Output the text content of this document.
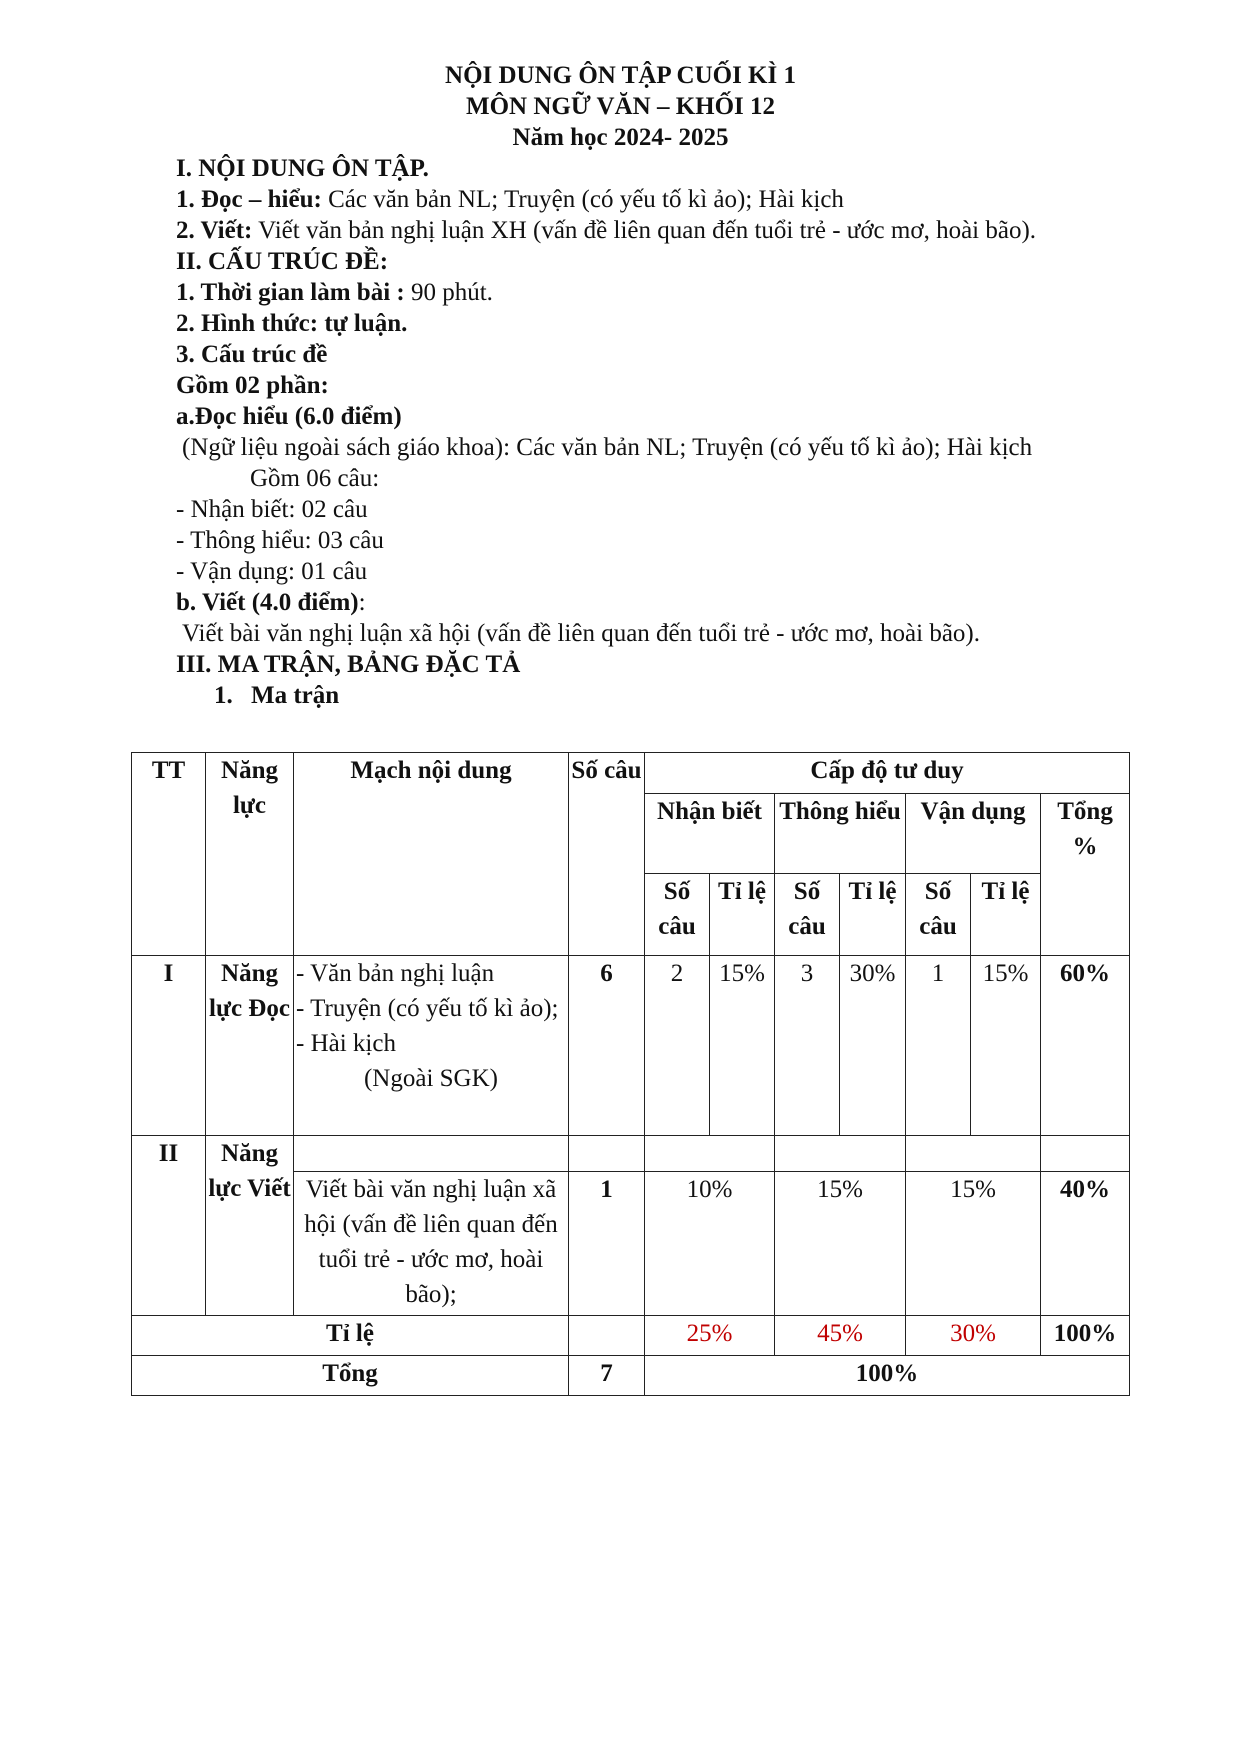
NỘI DUNG ÔN TẬP CUỐI KÌ 1
MÔN NGỮ VĂN – KHỐI 12
Năm học 2024- 2025

I. NỘI DUNG ÔN TẬP.

1. Đọc – hiểu: Các văn bản NL; Truyện (có yếu tố kì ảo); Hài kịch

2. Viết: Viết văn bản nghị luận XH (vấn đề liên quan đến tuổi trẻ - ước mơ, hoài bão).

II. CẤU TRÚC ĐỀ:

1. Thời gian làm bài : 90 phút.

2. Hình thức: tự luận.

3. Cấu trúc đề

Gồm 02 phần:

a.Đọc hiểu (6.0 điểm)

(Ngữ liệu ngoài sách giáo khoa): Các văn bản NL; Truyện (có yếu tố kì ảo); Hài kịch

Gồm 06 câu:

- Nhận biết: 02 câu

- Thông hiểu: 03 câu

- Vận dụng: 01 câu

b. Viết (4.0 điểm):

Viết bài văn nghị luận xã hội (vấn đề liên quan đến tuổi trẻ - ước mơ, hoài bão).

III. MA TRẬN, BẢNG ĐẶC TẢ

1. Ma trận

TT	Năng lực	Mạch nội dung	Số câu	Cấp độ tư duy						
				Nhận biết		Thông hiểu		Vận dụng		Tổng %
				Số câu	Tỉ lệ	Số câu	Tỉ lệ	Số câu	Tỉ lệ	
I	Năng lực Đọc	- Văn bản nghị luận
- Truyện (có yếu tố kì ảo);
- Hài kịch
(Ngoài SGK)	6	2	15%	3	30%	1	15%	60%
II	Năng lực Viết									
		Viết bài văn nghị luận xã hội (vấn đề liên quan đến tuổi trẻ - ước mơ, hoài bão);	1	10%		15%		15%		40%
Tỉ lệ				25%		45%		30%		100%
Tổng			7	100%						
